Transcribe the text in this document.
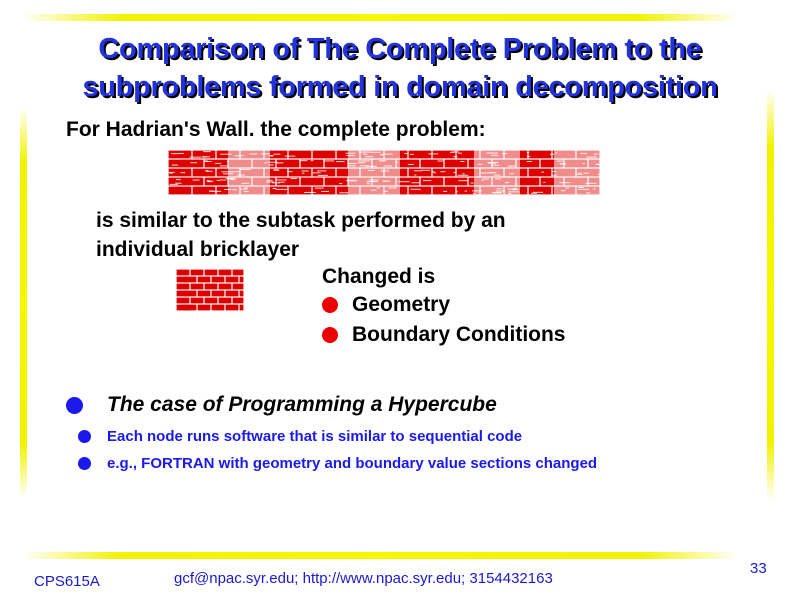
Comparison of The Complete Problem to the
subproblems formed in domain decomposition
For Hadrian's Wall. the complete problem:
is similar to the subtask performed by an
individual bricklayer
Changed is
Geometry
Boundary Conditions
The case of Programming a Hypercube
Each node runs software that is similar to sequential code
e.g., FORTRAN with geometry and boundary value sections changed
CPS615A	gcf@npac.syr.edu; http://www.npac.syr.edu; 3154432163
33
